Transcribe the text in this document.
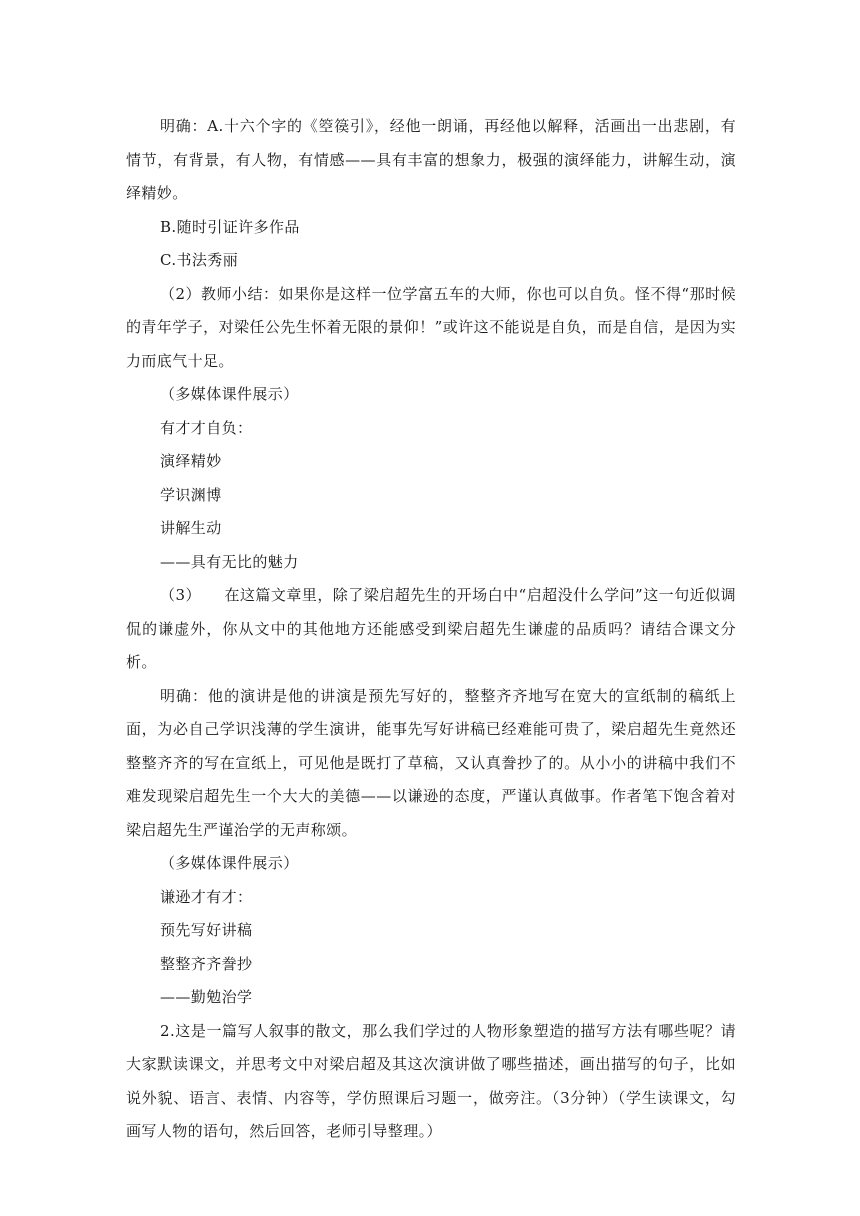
明确：A.十六个字的《箜篌引》，经他一朗诵，再经他以解释，活画出一出悲剧，有情节，有背景，有人物，有情感——具有丰富的想象力，极强的演绎能力，讲解生动，演绎精妙。

B.随时引证许多作品

C.书法秀丽

（2）教师小结：如果你是这样一位学富五车的大师，你也可以自负。怪不得“那时候的青年学子，对梁任公先生怀着无限的景仰！”或许这不能说是自负，而是自信，是因为实力而底气十足。

（多媒体课件展示）

有才才自负：

演绎精妙

学识渊博

讲解生动

——具有无比的魅力

（3）　　在这篇文章里，除了梁启超先生的开场白中“启超没什么学问”这一句近似调侃的谦虚外，你从文中的其他地方还能感受到梁启超先生谦虚的品质吗？请结合课文分析。

明确：他的演讲是他的讲演是预先写好的，整整齐齐地写在宽大的宣纸制的稿纸上面，为必自己学识浅薄的学生演讲，能事先写好讲稿已经难能可贵了，梁启超先生竟然还整整齐齐的写在宣纸上，可见他是既打了草稿，又认真誊抄了的。从小小的讲稿中我们不难发现梁启超先生一个大大的美德——以谦逊的态度，严谨认真做事。作者笔下饱含着对梁启超先生严谨治学的无声称颂。

（多媒体课件展示）

谦逊才有才：

预先写好讲稿

整整齐齐誊抄

——勤勉治学

2.这是一篇写人叙事的散文，那么我们学过的人物形象塑造的描写方法有哪些呢？请大家默读课文，并思考文中对梁启超及其这次演讲做了哪些描述，画出描写的句子，比如说外貌、语言、表情、内容等，学仿照课后习题一，做旁注。（3分钟）（学生读课文，勾画写人物的语句，然后回答，老师引导整理。）
